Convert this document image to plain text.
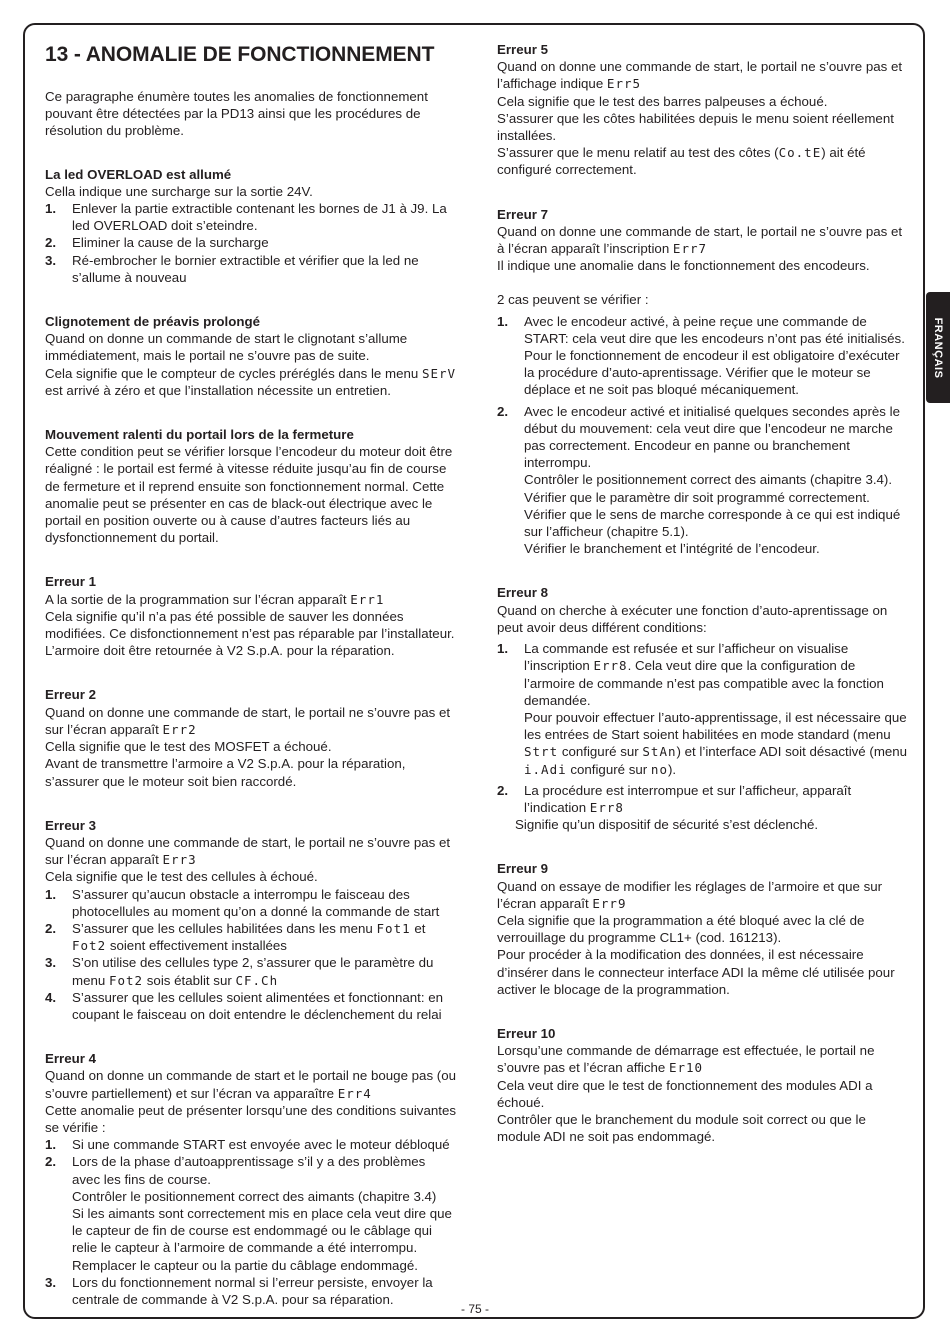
FRANÇAIS
13 - ANOMALIE DE FONCTIONNEMENT

Ce paragraphe énumère toutes les anomalies de fonctionnement pouvant être détectées par la PD13 ainsi que les procédures de résolution du problème.

La led OVERLOAD est allumé

Cella indique une surcharge sur la sortie 24V.

1. Enlever la partie extractible contenant les bornes de J1 à J9. La led OVERLOAD doit s’eteindre.
2. Eliminer la cause de la surcharge
3. Ré-embrocher le bornier extractible et vérifier que la led ne s’allume à nouveau
Clignotement de préavis prolongé

Quand on donne un commande de start le clignotant s’allume immédiatement, mais le portail ne s’ouvre pas de suite.

Cela signifie que le compteur de cycles préréglés dans le menu SErV est arrivé à zéro et que l’installation nécessite un entretien.

Mouvement ralenti du portail lors de la fermeture

Cette condition peut se vérifier lorsque l’encodeur du moteur doit être réaligné : le portail est fermé à vitesse réduite jusqu’au fin de course de fermeture et il reprend ensuite son fonctionnement normal. Cette anomalie peut se présenter en cas de black-out électrique avec le portail en position ouverte ou à cause d’autres facteurs liés au dysfonctionnement du portail.

Erreur 1

A la sortie de la programmation sur l’écran apparaît Err1

Cela signifie qu’il n’a pas été possible de sauver les données modifiées. Ce disfonctionnement n’est pas réparable par l’installateur. L’armoire doit être retournée à V2 S.p.A. pour la réparation.

Erreur 2

Quand on donne une commande de start, le portail ne s’ouvre pas et sur l’écran apparaît Err2

Cella signifie que le test des MOSFET a échoué.

Avant de transmettre l’armoire a V2 S.p.A. pour la réparation, s’assurer que le moteur soit bien raccordé.

Erreur 3

Quand on donne une commande de start, le portail ne s’ouvre pas et sur l’écran apparaît Err3

Cela signifie que le test des cellules à échoué.

1. S’assurer qu’aucun obstacle a interrompu le faisceau des photocellules au moment qu’on a donné la commande de start
2. S’assurer que les cellules habilitées dans les menu Fot1 et Fot2 soient effectivement installées
3. S’on utilise des cellules type 2, s’assurer que le paramètre du menu Fot2 sois établit sur CF.Ch
4. S’assurer que les cellules soient alimentées et fonctionnant: en coupant le faisceau on doit entendre le déclenchement du relai
Erreur 4

Quand on donne un commande de start et le portail ne bouge pas (ou s’ouvre partiellement) et sur l’écran va apparaître Err4

Cette anomalie peut de présenter lorsqu’une des conditions suivantes se vérifie :

1. Si une commande START est envoyée avec le moteur débloqué
2. Lors de la phase d’autoapprentissage s’il y a des problèmes avec les fins de course.
Contrôler le positionnement correct des aimants (chapitre 3.4)
Si les aimants sont correctement mis en place cela veut dire que le capteur de fin de course est endommagé ou le câblage qui relie le capteur à l’armoire de commande a été interrompu.
Remplacer le capteur ou la partie du câblage endommagé.
3. Lors du fonctionnement normal si l’erreur persiste, envoyer la centrale de commande à V2 S.p.A. pour sa réparation.
Erreur 5

Quand on donne une commande de start, le portail ne s’ouvre pas et l’affichage indique Err5

Cela signifie que le test des barres palpeuses a échoué.

S’assurer que les côtes habilitées depuis le menu soient réellement installées.

S’assurer que le menu relatif au test des côtes (Co.tE) ait été configuré correctement.

Erreur 7

Quand on donne une commande de start, le portail ne s’ouvre pas et à l’écran apparaît l’inscription Err7

Il indique une anomalie dans le fonctionnement des encodeurs.

2 cas peuvent se vérifier :

1. Avec le encodeur activé, à peine reçue une commande de START: cela veut dire que les encodeurs n’ont pas été initialisés. Pour le fonctionnement de encodeur il est obligatoire d’exécuter la procédure d’auto-aprentissage. Vérifier que le moteur se déplace et ne soit pas bloqué mécaniquement.
2. Avec le encodeur activé et initialisé quelques secondes après le début du mouvement: cela veut dire que l’encodeur ne marche pas correctement. Encodeur en panne ou branchement interrompu.
Contrôler le positionnement correct des aimants (chapitre 3.4).
Vérifier que le paramètre dir soit programmé correctement.
Vérifier que le sens de marche corresponde à ce qui est indiqué sur l’afficheur (chapitre 5.1).
Vérifier le branchement et l’intégrité de l’encodeur.
Erreur 8

Quand on cherche à exécuter une fonction d’auto-aprentissage on peut avoir deus différent conditions:

1. La commande est refusée et sur l’afficheur on visualise l’inscription Err8. Cela veut dire que la configuration de l’armoire de commande n’est pas compatible avec la fonction demandée.
Pour pouvoir effectuer l’auto-apprentissage, il est nécessaire que les entrées de Start soient habilitées en mode standard (menu Strt configuré sur StAn) et l’interface ADI soit désactivé (menu i.Adi configuré sur no).
2. La procédure est interrompue et sur l’afficheur, apparaît l’indication Err8

Signifie qu’un dispositif de sécurité s’est déclenché.

Erreur 9

Quand on essaye de modifier les réglages de l’armoire et que sur l’écran apparaît Err9

Cela signifie que la programmation a été bloqué avec la clé de verrouillage du programme CL1+ (cod. 161213).

Pour procéder à la modification des données, il est nécessaire d’insérer dans le connecteur interface ADI la même clé utilisée pour activer le blocage de la programmation.

Erreur 10

Lorsqu’une commande de démarrage est effectuée, le portail ne s’ouvre pas et l’écran affiche Er10

Cela veut dire que le test de fonctionnement des modules ADI a échoué.

Contrôler que le branchement du module soit correct ou que le module ADI ne soit pas endommagé.

- 75 -
